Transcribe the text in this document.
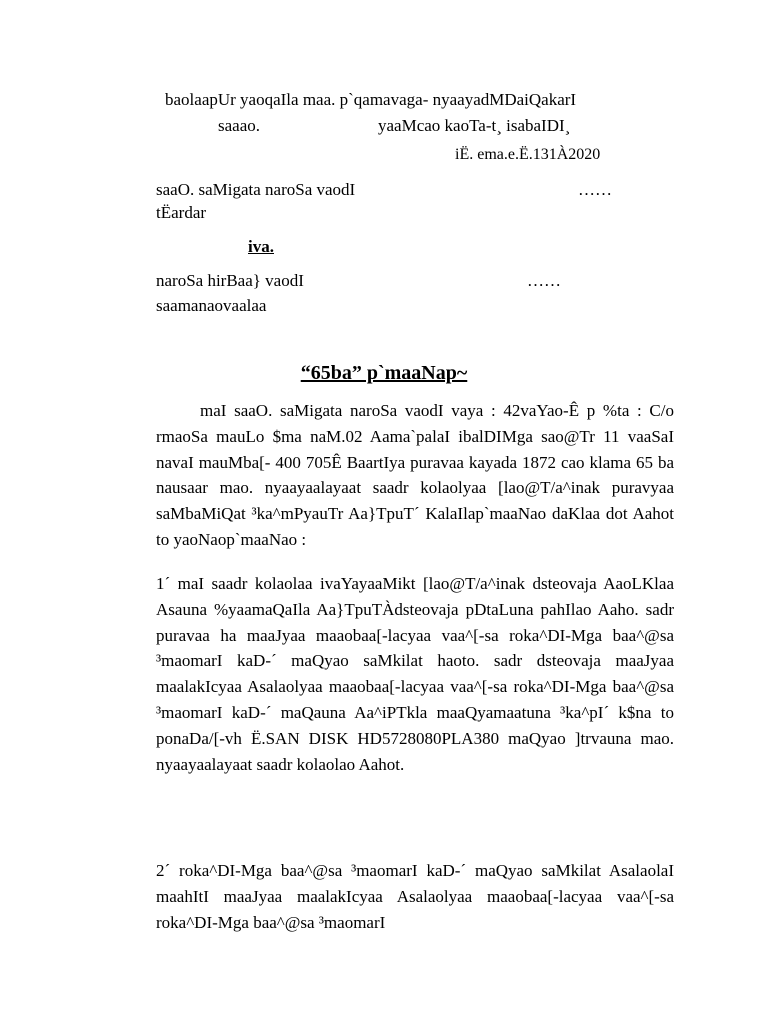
baolaapUr yaoqaIla maa. p`qamavaga- nyaayadMDaiQakarI
saaao.	yaaMcao kaoTa-t¸ isabaIDI¸
iË. ema.e.Ë.131À2020
saaO. saMigata naroSa vaodI	……
tËardar
iva.
naroSa hirBaa} vaodI	……
saamanaovaalaa
“65ba” p`maaNap~
maI saaO. saMigata naroSa vaodI vaya : 42vaYao-Ê p %ta : C/o rmaoSa mauLo $ma naM.02 Aama`palaI ibalDIMga sao@Tr 11 vaaSaI navaI mauMba[- 400 705Ê BaartIya puravaa kayada 1872 cao klama 65 ba nausaar mao. nyaayaalayaat saadr kolaolyaa [lao@T/a^inak puravyaa saMbaMiQat ³ka^mPyauTr Aa}TpuT´ KalaIlap`maaNao daKlaa dot Aahot to yaoNaop`maaNao :
1´ maI saadr kolaolaa ivaYayaaMikt [lao@T/a^inak dsteovaja AaoLKlaa Asauna %yaamaQaIla Aa}TpuTÀdsteovaja pDtaLuna pahIlao Aaho. sadr puravaa ha maaJyaa maaobaa[-lacyaa vaa^[-sa roka^DI-Mga baa^@sa ³maomarI kaD-´ maQyao saMkilat haoto. sadr dsteovaja maaJyaa maalakIcyaa Asalaolyaa maaobaa[-lacyaa vaa^[-sa roka^DI-Mga baa^@sa ³maomarI kaD-´ maQauna Aa^iPTkla maaQyamaatuna ³ka^pI´ k$na to ponaDa/[-vh Ë.SAN DISK HD5728080PLA380 maQyao ]trvauna mao. nyaayaalayaat saadr kolaolao Aahot.
2´ roka^DI-Mga baa^@sa ³maomarI kaD-´ maQyao saMkilat AsalaolaI maahItI maaJyaa maalakIcyaa Asalaolyaa maaobaa[-lacyaa vaa^[-sa roka^DI-Mga baa^@sa ³maomarI
